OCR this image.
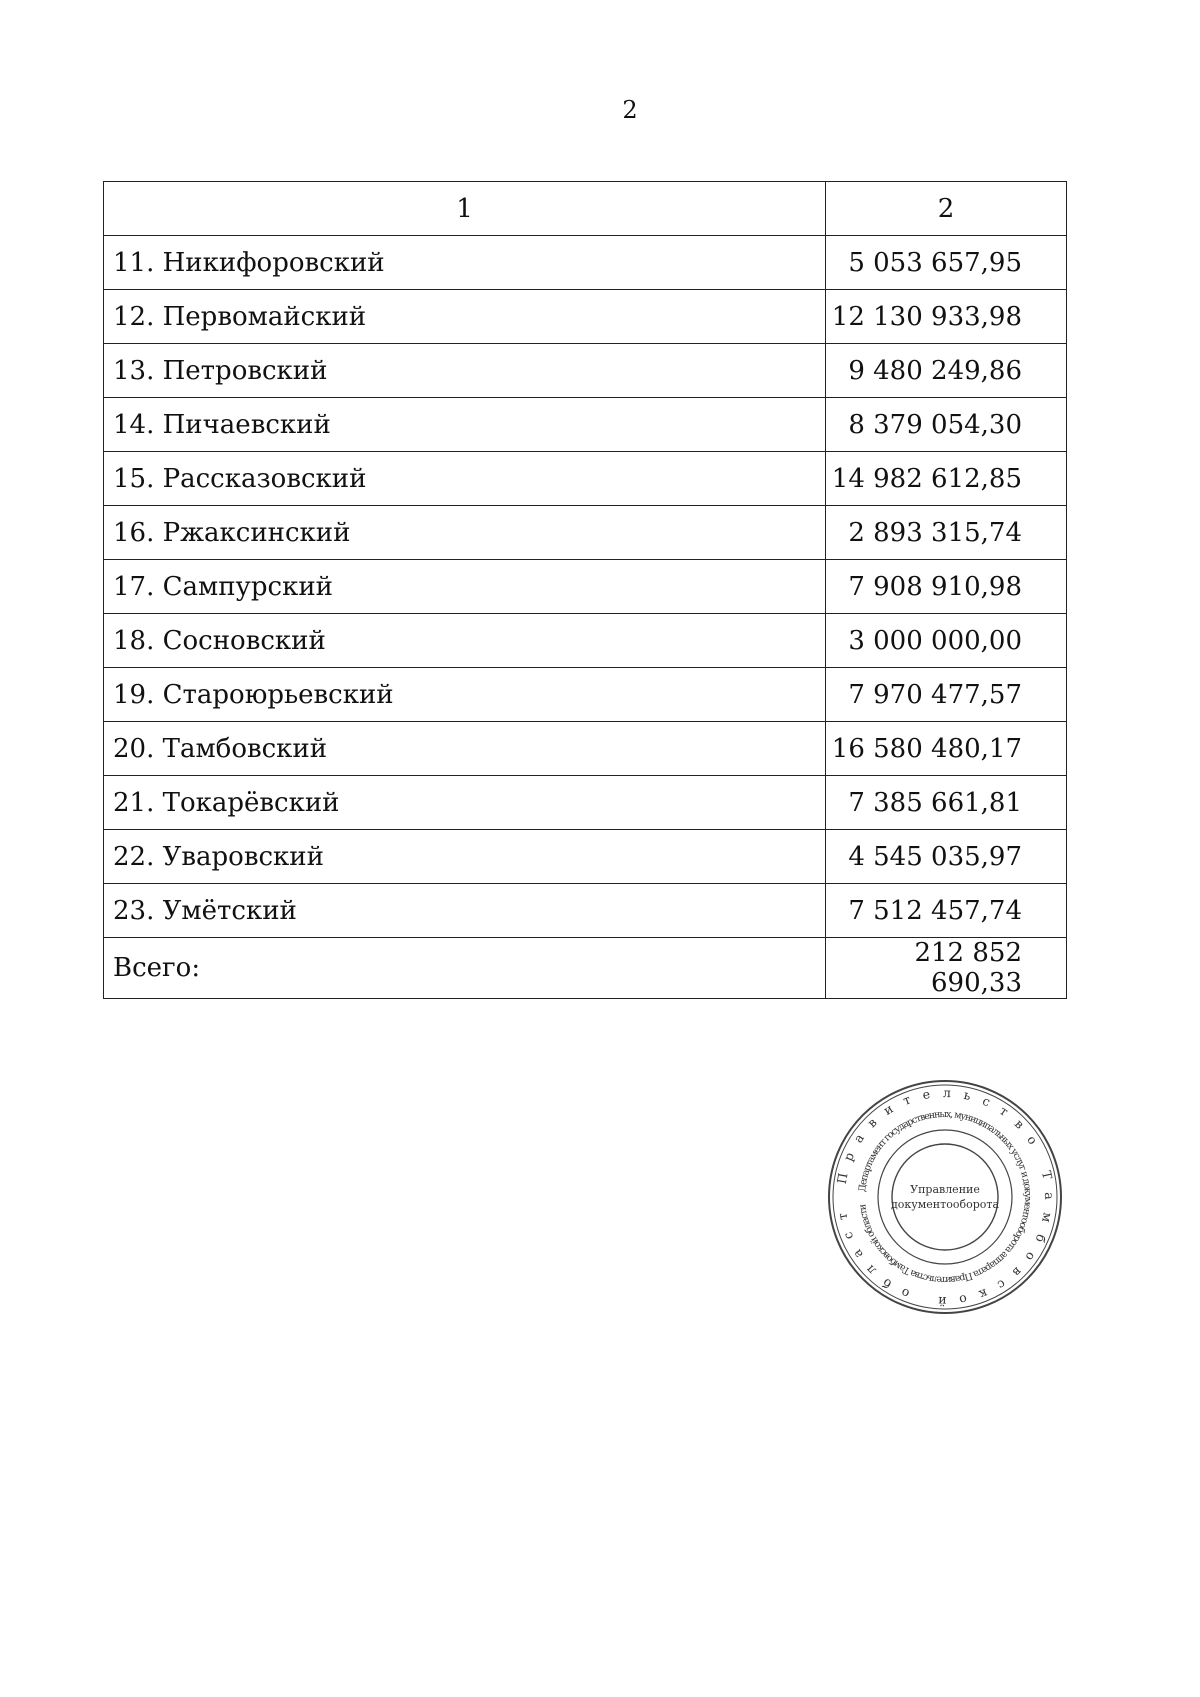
2
1	2
11. Никифоровский	5 053 657,95
12. Первомайский	12 130 933,98
13. Петровский	9 480 249,86
14. Пичаевский	8 379 054,30
15. Рассказовский	14 982 612,85
16. Ржаксинский	2 893 315,74
17. Сампурский	7 908 910,98
18. Сосновский	3 000 000,00
19. Староюрьевский	7 970 477,57
20. Тамбовский	16 580 480,17
21. Токарёвский	7 385 661,81
22. Уваровский	4 545 035,97
23. Умётский	7 512 457,74
Всего:	212 852 690,33
Правительство Тамбовской област
Департамент государственных, муниципальных услуг и документооборота аппарата Правительства Тамбовской области
Управление
документооборота
